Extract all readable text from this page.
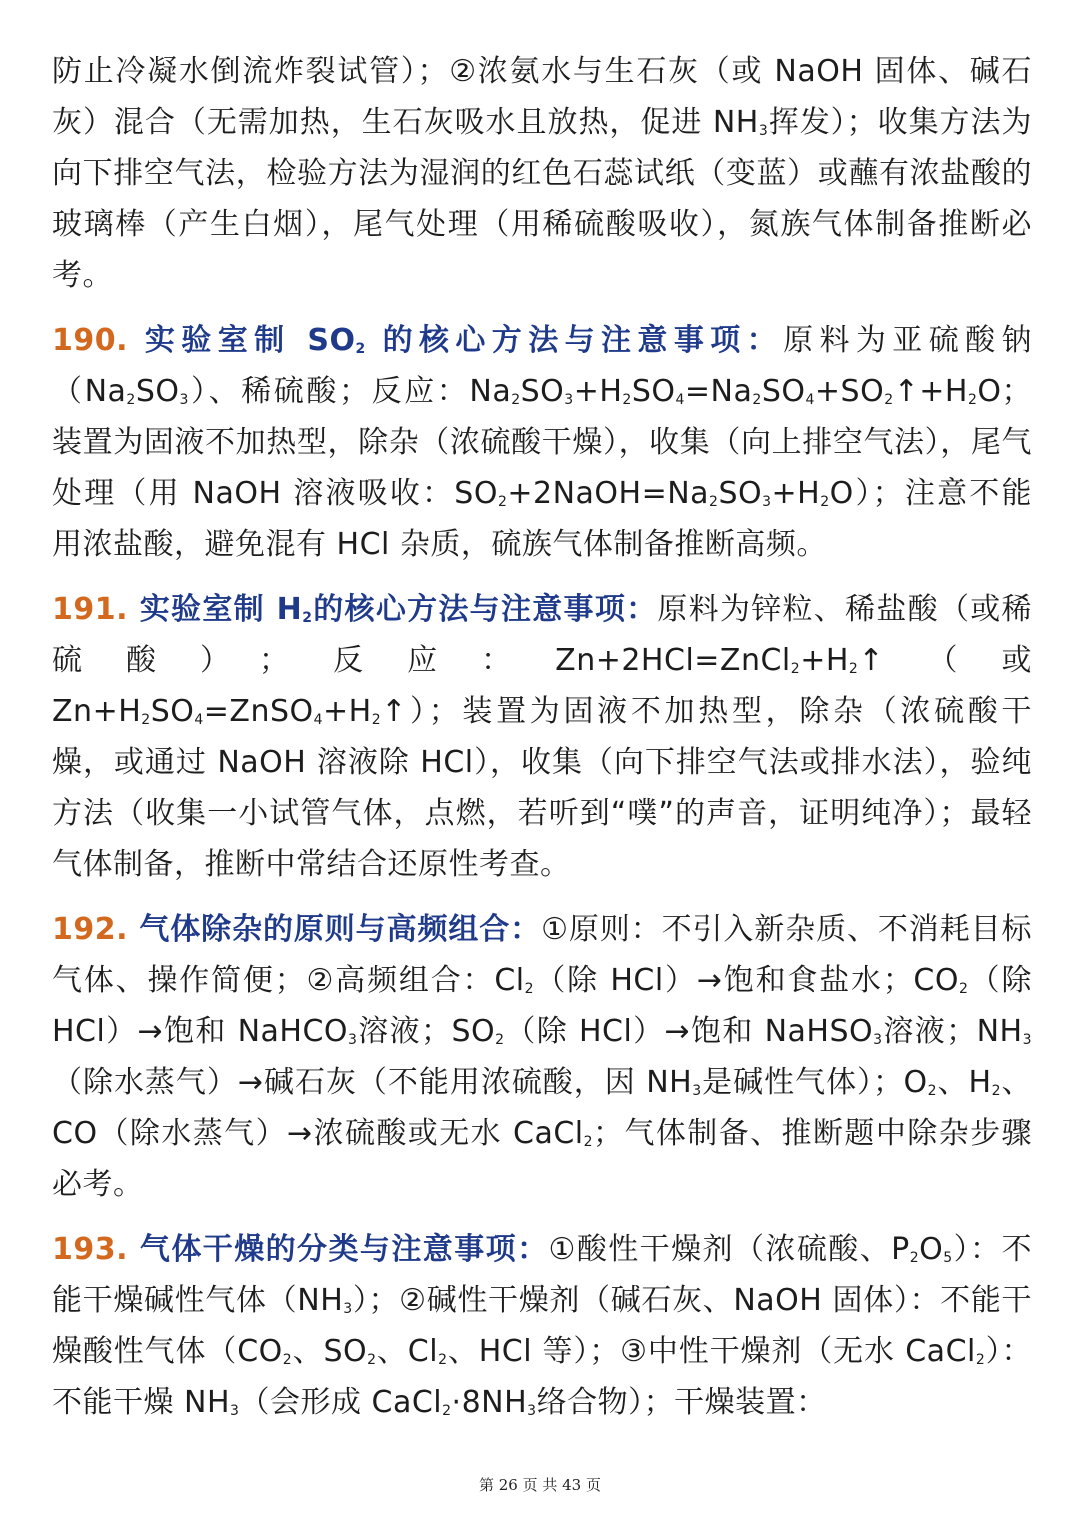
防止冷凝水倒流炸裂试管）；②浓氨水与生石灰（或 NaOH 固体、碱石灰）混合（无需加热，生石灰吸水且放热，促进 $NH_3$挥发）；收集方法为向下排空气法，检验方法为湿润的红色石蕊试纸（变蓝）或蘸有浓盐酸的玻璃棒（产生白烟），尾气处理（用稀硫酸吸收），氮族气体制备推断必考。

190. 实验室制 $SO_2$ 的核心方法与注意事项：原料为亚硫酸钠$(Na_2SO_3)$、稀硫酸；反应：$Na_2SO_3+H_2SO_4=Na_2SO_4+SO_2↑+H_2O$；装置为固液不加热型，除杂（浓硫酸干燥），收集（向上排空气法），尾气处理（用 NaOH 溶液吸收：$SO_2+2NaOH=Na_2SO_3+H_2O$）；注意不能用浓盐酸，避免混有 HCl 杂质，硫族气体制备推断高频。

191. 实验室制 $H_2$的核心方法与注意事项：原料为锌粒、稀盐酸（或稀硫酸）；反应：$Zn+2HCl=ZnCl_2+H_2↑$（或 $Zn+H_2SO_4=ZnSO_4+H_2↑$）；装置为固液不加热型，除杂（浓硫酸干燥，或通过 NaOH 溶液除 HCl），收集（向下排空气法或排水法），验纯方法（收集一小试管气体，点燃，若听到“噗”的声音，证明纯净）；最轻气体制备，推断中常结合还原性考查。

192. 气体除杂的原则与高频组合：①原则：不引入新杂质、不消耗目标气体、操作简便；②高频组合：$Cl_2$（除 HCl）→饱和食盐水；$CO_2$（除 HCl）→饱和 NaHCO$_3$溶液；$SO_2$（除 HCl）→饱和 NaHSO$_3$溶液；$NH_3$（除水蒸气）→碱石灰（不能用浓硫酸，因 $NH_3$是碱性气体）；$O_2$、$H_2$、CO（除水蒸气）→浓硫酸或无水 CaCl$_2$；气体制备、推断题中除杂步骤必考。

193. 气体干燥的分类与注意事项：①酸性干燥剂（浓硫酸、$P_2O_5$）：不能干燥碱性气体$(NH_3)$；②碱性干燥剂（碱石灰、NaOH 固体）：不能干燥酸性气体（$CO_2$、$SO_2$、$Cl_2$、HCl 等）；③中性干燥剂（无水 CaCl$_2$）：不能干燥 $NH_3$（会形成 $CaCl_2\cdot 8NH_3$络合物）；干燥装置：

第 26 页 共 43 页
